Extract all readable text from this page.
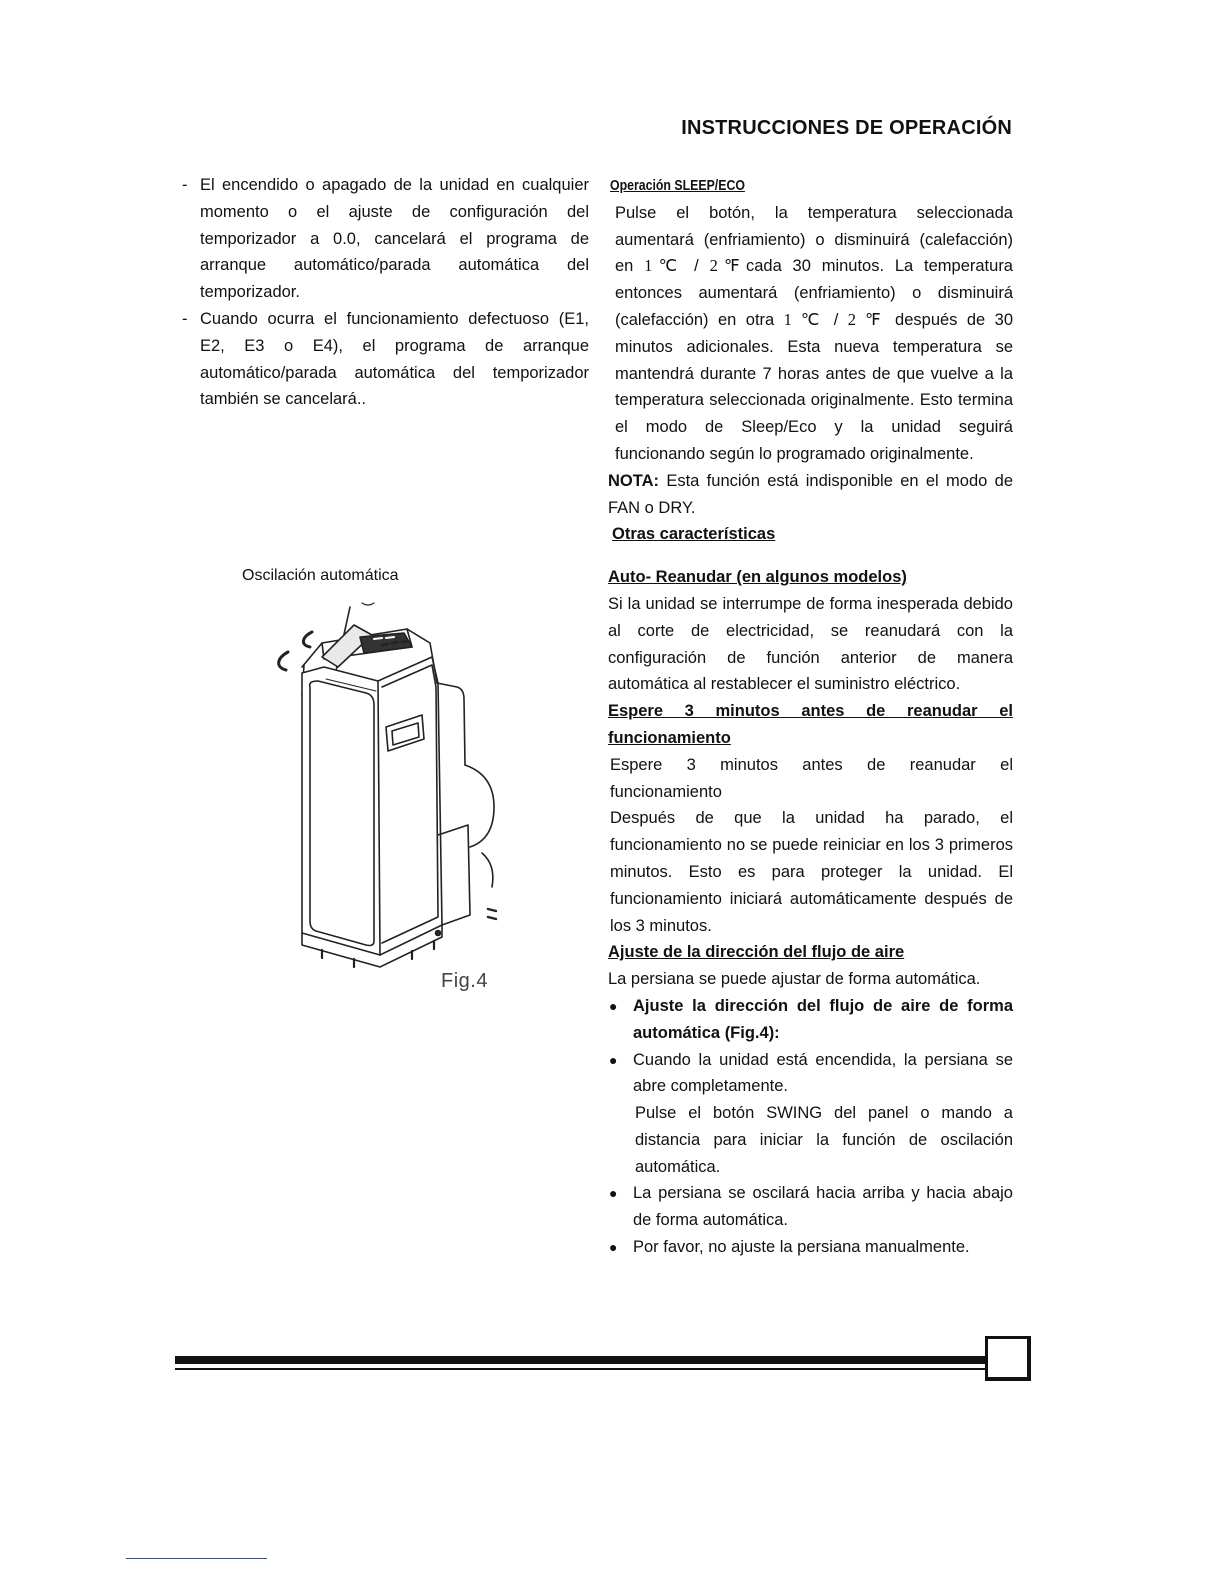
INSTRUCCIONES DE OPERACIÓN
- El encendido o apagado de la unidad en cualquier momento o el ajuste de configuración del temporizador a 0.0, cancelará el programa de arranque automático/parada automática del temporizador.
- Cuando ocurra el funcionamiento defectuoso (E1, E2, E3 o E4), el programa de arranque automático/parada automática del temporizador también se cancelará..
Oscilación automática
Fig.4
Operación SLEEP/ECO
Pulse el botón, la temperatura seleccionada aumentará (enfriamiento) o disminuirá (calefacción) en 1℃ / 2℉cada 30 minutos. La temperatura entonces aumentará (enfriamiento) o disminuirá (calefacción) en otra 1 ℃ / 2 ℉ después de 30 minutos adicionales. Esta nueva temperatura se mantendrá durante 7 horas antes de que vuelve a la temperatura seleccionada originalmente. Esto termina el modo de Sleep/Eco y la unidad seguirá funcionando según lo programado originalmente.
NOTA: Esta función está indisponible en el modo de FAN o DRY.
Otras características
Auto- Reanudar (en algunos modelos)
Si la unidad se interrumpe de forma inesperada debido al corte de electricidad, se reanudará con la configuración de función anterior de manera automática al restablecer el suministro eléctrico.
Espere 3 minutos antes de reanudar el
funcionamiento
Espere 3 minutos antes de reanudar el
funcionamiento
Después de que la unidad ha parado, el funcionamiento no se puede reiniciar en los 3 primeros minutos. Esto es para proteger la unidad. El funcionamiento iniciará automáticamente después de los 3 minutos.
Ajuste de la dirección del flujo de aire
La persiana se puede ajustar de forma automática.
● Ajuste la dirección del flujo de aire de forma automática (Fig.4):
● Cuando la unidad está encendida, la persiana se abre completamente.
Pulse el botón SWING del panel o mando a distancia para iniciar la función de oscilación automática.
● La persiana se oscilará hacia arriba y hacia abajo de forma automática.
● Por favor, no ajuste la persiana manualmente.
